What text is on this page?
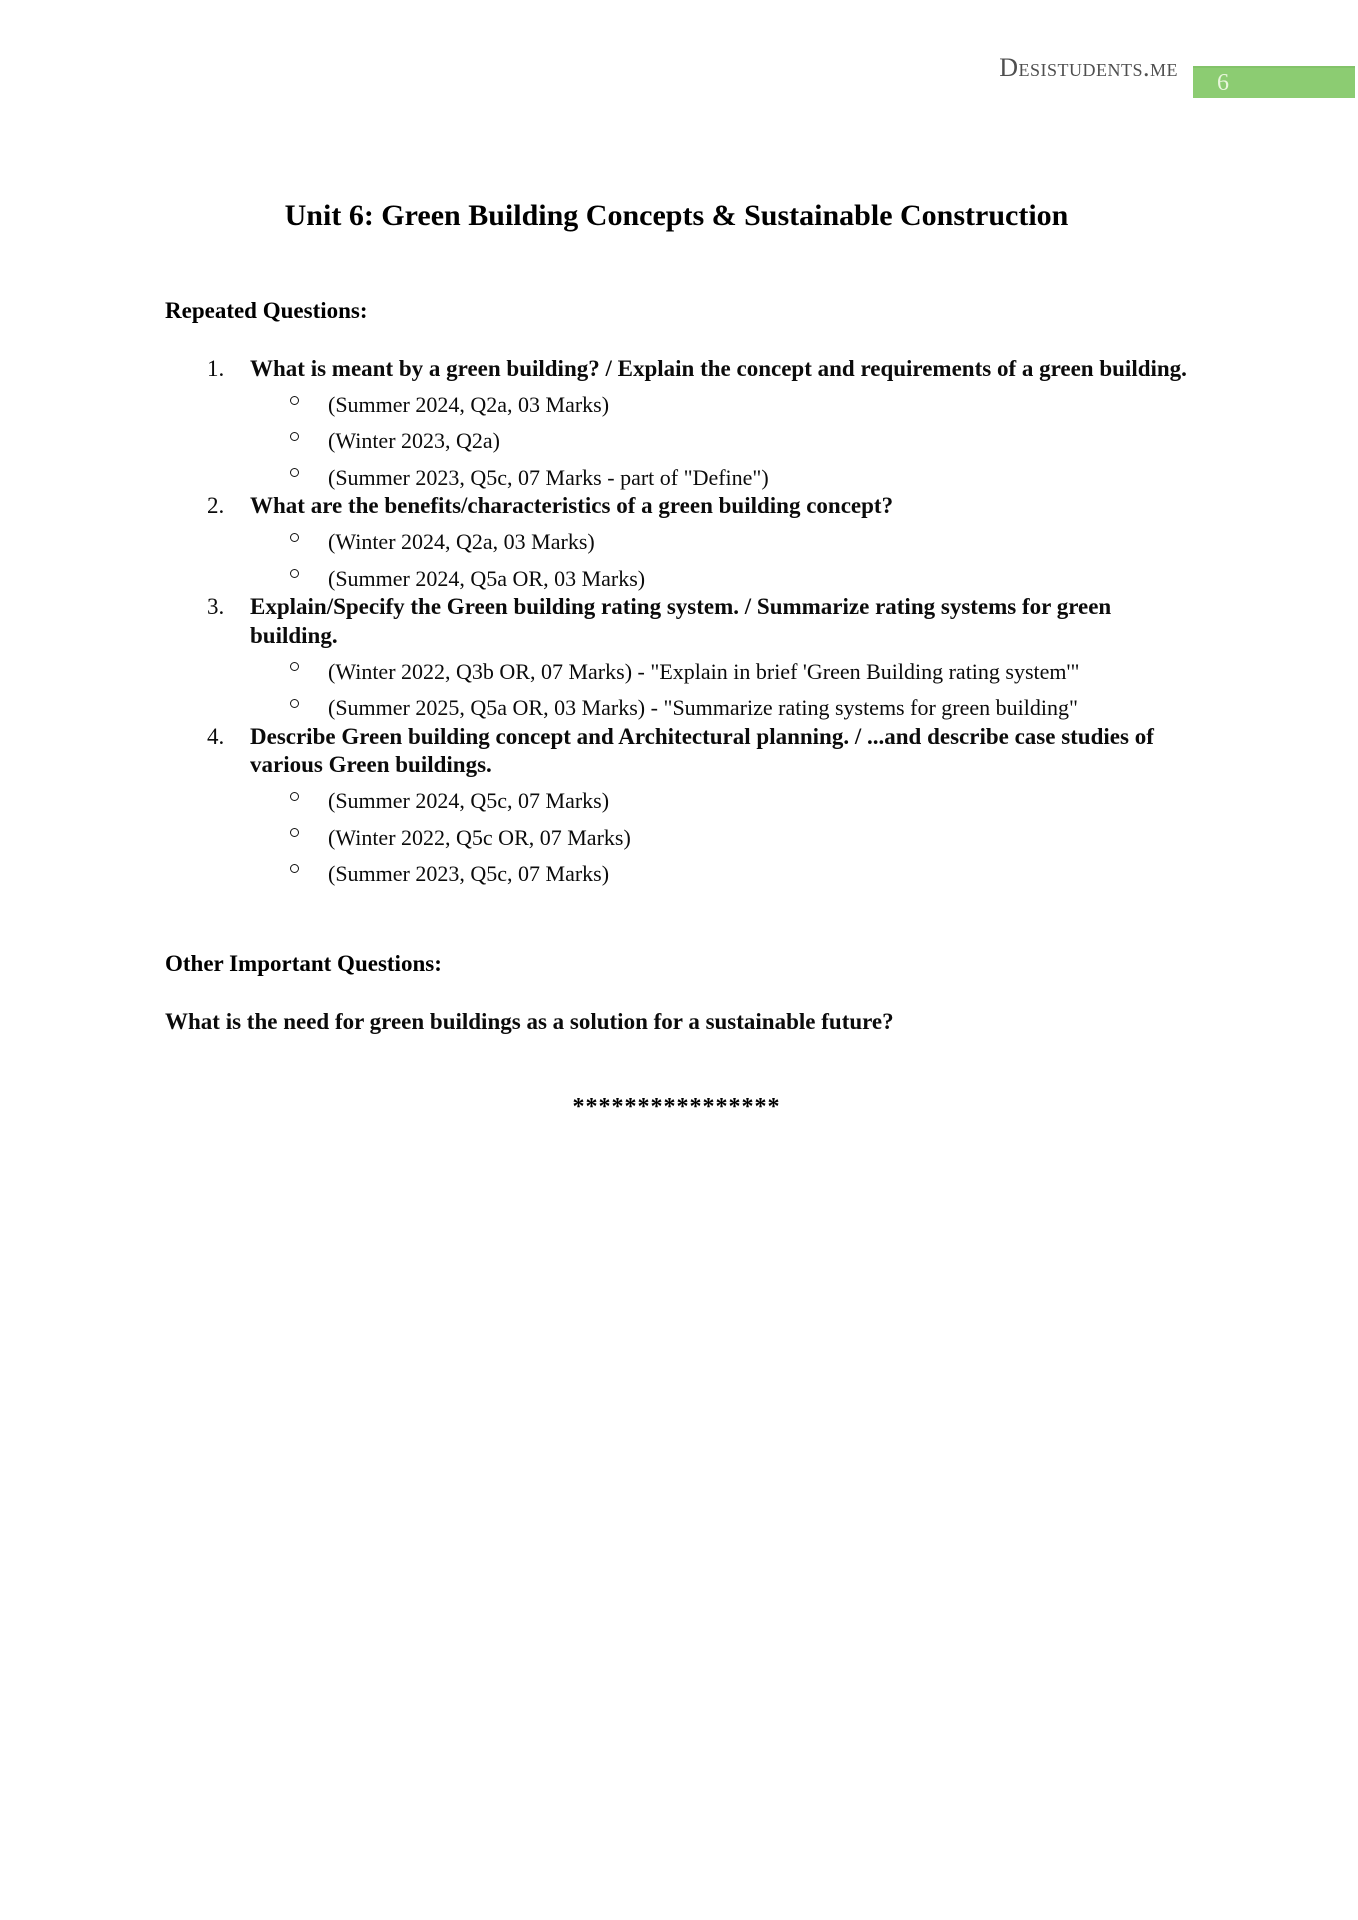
Desistudents.me
6
Unit 6: Green Building Concepts & Sustainable Construction
Repeated Questions:
1.	What is meant by a green building? / Explain the concept and requirements of a green building.
(Summer 2024, Q2a, 03 Marks)
(Winter 2023, Q2a)
(Summer 2023, Q5c, 07 Marks - part of "Define")
2.	What are the benefits/characteristics of a green building concept?
(Winter 2024, Q2a, 03 Marks)
(Summer 2024, Q5a OR, 03 Marks)
3.	Explain/Specify the Green building rating system. / Summarize rating systems for green building.
(Winter 2022, Q3b OR, 07 Marks) - "Explain in brief 'Green Building rating system'"
(Summer 2025, Q5a OR, 03 Marks) - "Summarize rating systems for green building"
4.	Describe Green building concept and Architectural planning. / ...and describe case studies of various Green buildings.
(Summer 2024, Q5c, 07 Marks)
(Winter 2022, Q5c OR, 07 Marks)
(Summer 2023, Q5c, 07 Marks)
Other Important Questions:

What is the need for green buildings as a solution for a sustainable future?

****************
